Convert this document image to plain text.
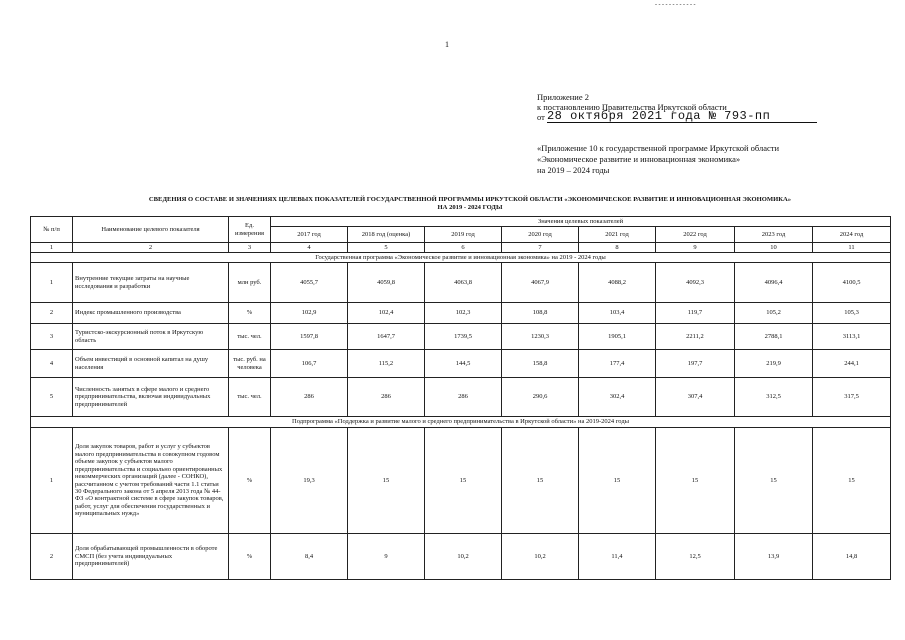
- - - - - - - - - - - -
1
Приложение 2
к постановлению Правительства Иркутской области
от 28 октября 2021 года № 793-пп
«Приложение 10 к государственной программе Иркутской области
«Экономическое развитие и инновационная экономика»
на 2019 – 2024 годы
СВЕДЕНИЯ О СОСТАВЕ И ЗНАЧЕНИЯХ ЦЕЛЕВЫХ ПОКАЗАТЕЛЕЙ ГОСУДАРСТВЕННОЙ ПРОГРАММЫ ИРКУТСКОЙ ОБЛАСТИ «ЭКОНОМИЧЕСКОЕ РАЗВИТИЕ И ИННОВАЦИОННАЯ ЭКОНОМИКА»
НА 2019 - 2024 ГОДЫ
№ п/п	Наименование целевого показателя	Ед. измерения	Значения целевых показателей							
			2017 год	2018 год (оценка)	2019 год	2020 год	2021 год	2022 год	2023 год	2024 год
1	2	3	4	5	6	7	8	9	10	11
Государственная программа «Экономическое развитие и инновационная экономика» на 2019 - 2024 годы										
1	Внутренние текущие затраты на научные исследования и разработки	млн руб.	4055,7	4059,8	4063,8	4067,9	4088,2	4092,3	4096,4	4100,5
2	Индекс промышленного производства	%	102,9	102,4	102,3	108,8	103,4	119,7	105,2	105,3
3	Туристско-экскурсионный поток в Иркутскую область	тыс. чел.	1597,8	1647,7	1739,5	1230,3	1905,1	2211,2	2788,1	3113,1
4	Объем инвестиций в основной капитал на душу населения	тыс. руб. на человека	106,7	115,2	144,5	158,8	177,4	197,7	219,9	244,1
5	Численность занятых в сфере малого и среднего предпринимательства, включая индивидуальных предпринимателей	тыс. чел.	286	286	286	290,6	302,4	307,4	312,5	317,5
Подпрограмма «Поддержка и развитие малого и среднего предпринимательства в Иркутской области» на 2019-2024 годы										
1	Доля закупок товаров, работ и услуг у субъектов малого предпринимательства в совокупном годовом объеме закупок у субъектов малого предпринимательства и социально ориентированных некоммерческих организаций (далее - СОНКО), рассчитанном с учетом требований части 1.1 статьи 30 Федерального закона от 5 апреля 2013 года № 44-ФЗ «О контрактной системе в сфере закупок товаров, работ, услуг для обеспечения государственных и муниципальных нужд»	%	19,3	15	15	15	15	15	15	15
2	Доля обрабатывающей промышленности в обороте СМСП (без учета индивидуальных предпринимателей)	%	8,4	9	10,2	10,2	11,4	12,5	13,9	14,8
